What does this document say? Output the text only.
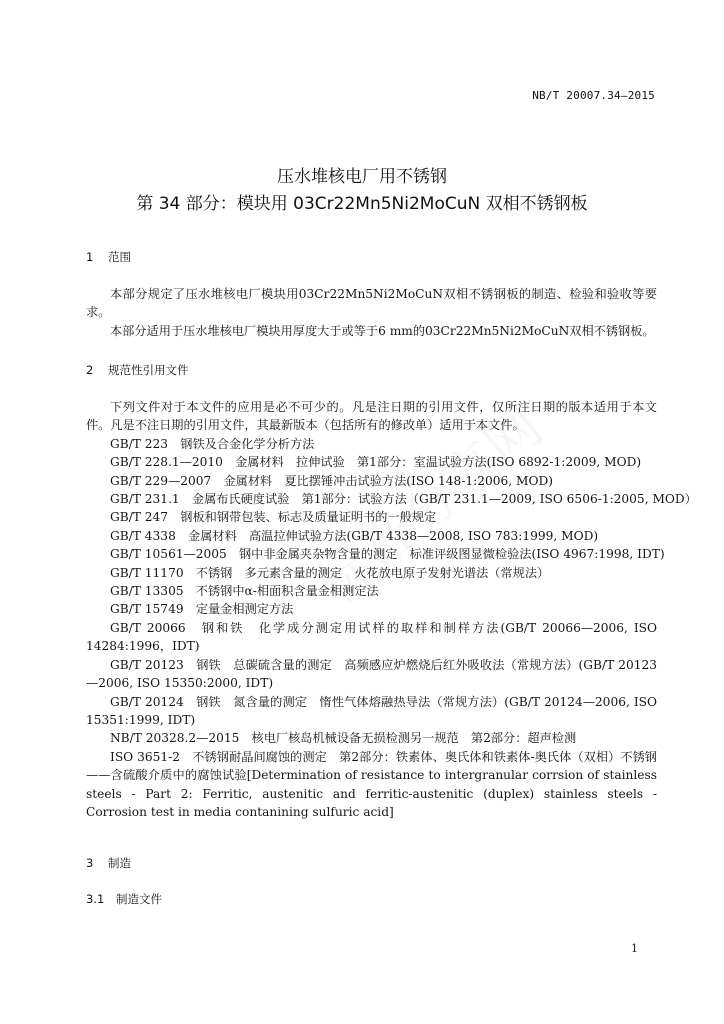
NB/T 20007.34—2015
压水堆核电厂用不锈钢
第 34 部分：模块用 03Cr22Mn5Ni2MoCuN 双相不锈钢板
1 范围

本部分规定了压水堆核电厂模块用03Cr22Mn5Ni2MoCuN双相不锈钢板的制造、检验和验收等要求。

本部分适用于压水堆核电厂模块用厚度大于或等于6 mm的03Cr22Mn5Ni2MoCuN双相不锈钢板。

2 规范性引用文件

下列文件对于本文件的应用是必不可少的。凡是注日期的引用文件，仅所注日期的版本适用于本文件。凡是不注日期的引用文件，其最新版本（包括所有的修改单）适用于本文件。

GB/T 223　钢铁及合金化学分析方法

GB/T 228.1—2010　金属材料　拉伸试验　第1部分：室温试验方法(ISO 6892-1:2009, MOD)

GB/T 229—2007　金属材料　夏比摆锤冲击试验方法(ISO 148-1:2006, MOD)

GB/T 231.1　金属布氏硬度试验　第1部分：试验方法（GB/T 231.1—2009, ISO 6506-1:2005, MOD）

GB/T 247　钢板和钢带包装、标志及质量证明书的一般规定

GB/T 4338　金属材料　高温拉伸试验方法(GB/T 4338—2008, ISO 783:1999, MOD)

GB/T 10561—2005　钢中非金属夹杂物含量的测定　标准评级图显微检验法(ISO 4967:1998, IDT)

GB/T 11170　不锈钢　多元素含量的测定　火花放电原子发射光谱法（常规法）

GB/T 13305　不锈钢中α-相面积含量金相测定法

GB/T 15749　定量金相测定方法

GB/T 20066　钢和铁　化学成分测定用试样的取样和制样方法(GB/T 20066—2006, ISO 14284:1996，IDT)

GB/T 20123　钢铁　总碳硫含量的测定　高频感应炉燃烧后红外吸收法（常规方法）(GB/T 20123—2006, ISO 15350:2000, IDT)

GB/T 20124　钢铁　氮含量的测定　惰性气体熔融热导法（常规方法）(GB/T 20124—2006, ISO 15351:1999, IDT)

NB/T 20328.2—2015　核电厂核岛机械设备无损检测另一规范　第2部分：超声检测

ISO 3651-2　不锈钢耐晶间腐蚀的测定　第2部分：铁素体、奥氏体和铁素体-奥氏体（双相）不锈钢——含硫酸介质中的腐蚀试验[Determination of resistance to intergranular corrsion of stainless steels - Part 2: Ferritic, austenitic and ferritic-austenitic (duplex) stainless steels - Corrosion test in media contanining sulfuric acid]

3 制造
3.1 制造文件
1
